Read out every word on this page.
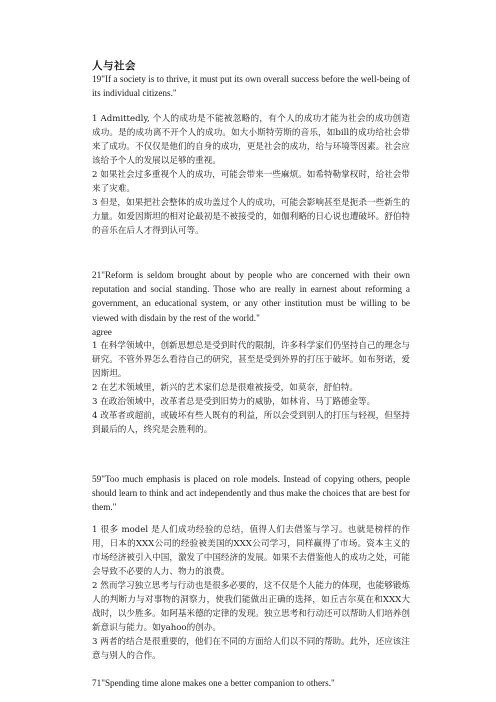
人与社会

19"If a society is to thrive, it must put its own overall success before the well-being of its individual citizens."

1 Admittedly, 个人的成功是不能被忽略的，有个人的成功才能为社会的成功创造成功。是的成功离不开个人的成功。如大小斯特劳斯的音乐，如bill的成功给社会带来了成功。不仅仅是他们的自身的成功，更是社会的成功，给与环境等因素。社会应该给予个人的发展以足够的重视。

2 如果社会过多重视个人的成功，可能会带来一些麻烦。如希特勒掌权时，给社会带来了灾难。

3 但是，如果把社会整体的成功盖过个人的成功，可能会影响甚至是扼杀一些新生的力量。如爱因斯坦的相对论最初是不被接受的，如伽利略的日心说也遭破坏。舒伯特的音乐在后人才得到认可等。

21"Reform is seldom brought about by people who are concerned with their own reputation and social standing. Those who are really in earnest about reforming a government, an educational system, or any other institution must be willing to be viewed with disdain by the rest of the world."

agree

1 在科学领域中，创新思想总是受到时代的限制，许多科学家们仍坚持自己的理念与研究。不管外界怎么看待自己的研究，甚至是受到外界的打压于破坏。如布努诺，爱因斯坦。

2 在艺术领域里，新兴的艺术家们总是很难被接受，如莫奈，舒伯特。

3 在政治领域中，改革者总是受到旧势力的威胁，如林肯、马丁路德金等。

4 改革者或超前，或破坏有些人既有的利益，所以会受到别人的打压与轻视，但坚持到最后的人，终究是会胜利的。

59"Too much emphasis is placed on role models. Instead of copying others, people should learn to think and act independently and thus make the choices that are best for them."

1 很多 model 是人们成功经验的总结，值得人们去借鉴与学习。也就是榜样的作用，日本的XXX公司的经验被美国的XXX公司学习，同样赢得了市场。资本主义的市场经济被引入中国，激发了中国经济的发展。如果不去借鉴他人的成功之处，可能会导致不必要的人力、物力的浪费。

2 然而学习独立思考与行动也是很多必要的，这不仅是个人能力的体现，也能够锻炼人的判断力与对事物的洞察力，使我们能做出正确的选择，如丘吉尔莫在和XXX大战时，以少胜多。如阿基米德的定律的发现。独立思考和行动还可以帮助人们培养创新意识与能力。如yahoo的创办。

3 两者的结合是很重要的，他们在不同的方面给人们以不同的帮助。此外，还应该注意与别人的合作。

71"Spending time alone makes one a better companion to others."
